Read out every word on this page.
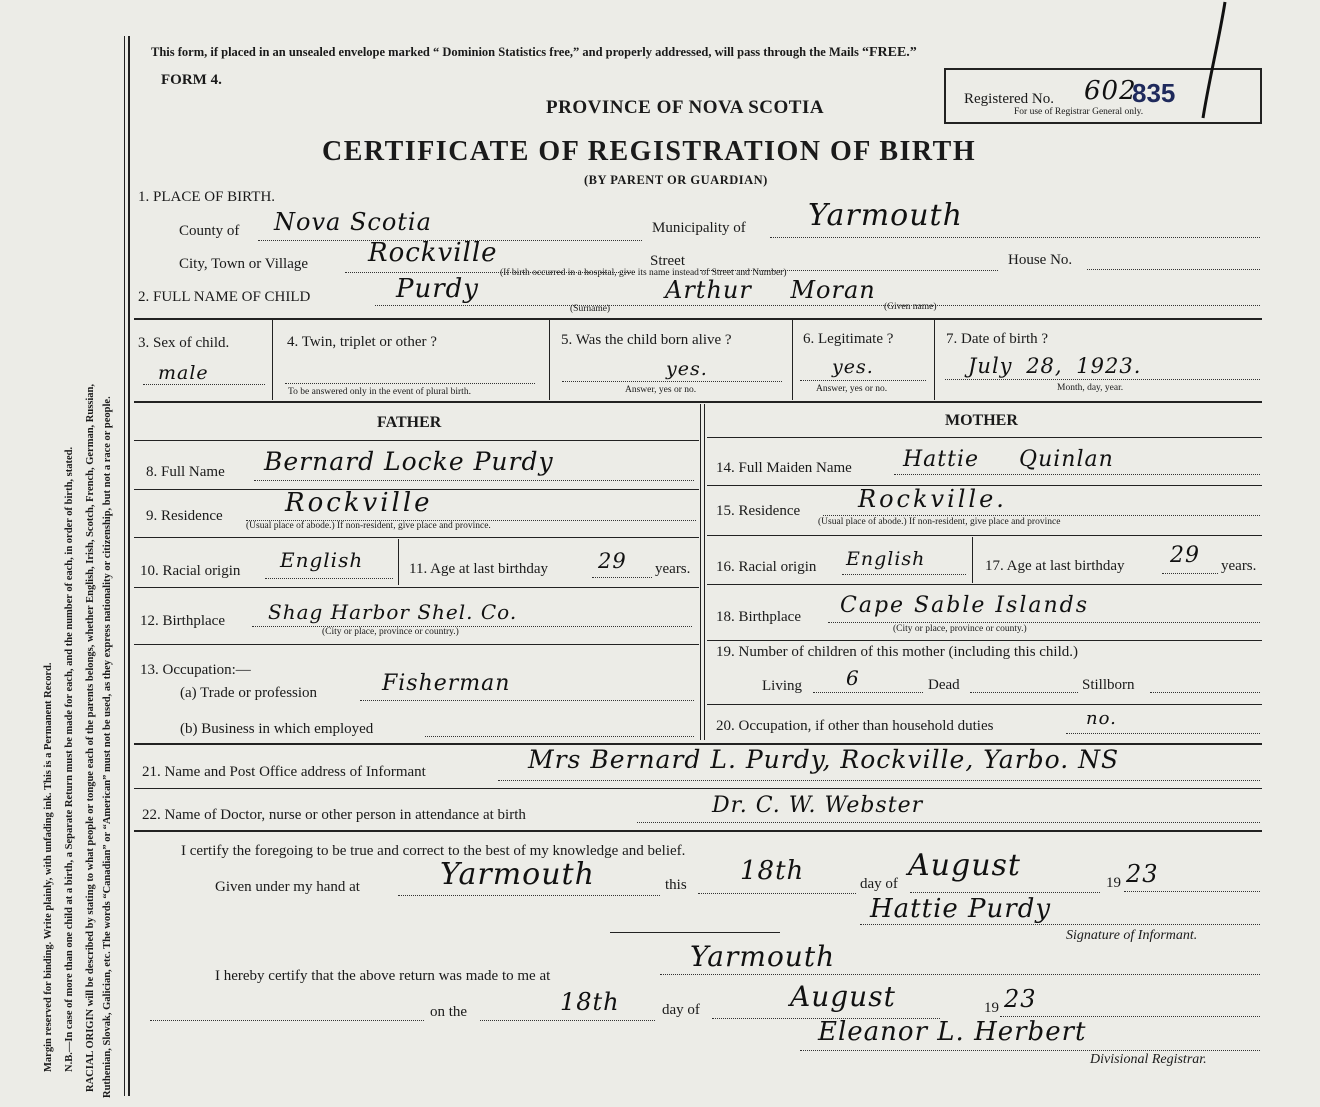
Margin reserved for binding. Write plainly, with unfading ink. This is a Permanent Record. N.B.—In case of more than one child at a birth, a Separate Return must be made for each, and the number of each, in order of birth, stated. RACIAL ORIGIN will be described by stating to what people or tongue each of the parents belongs, whether English, Irish, Scotch, French, German, Russian, Ruthenian, Slovak, Galician, etc. The words “Canadian” or “American” must not be used, as they express nationality or citizenship, but not a race or people.
This form, if placed in an unsealed envelope marked “ Dominion Statistics free,” and properly addressed, will pass through the Mails “FREE.”
FORM 4.
PROVINCE OF NOVA SCOTIA
CERTIFICATE OF REGISTRATION OF BIRTH
(BY PARENT OR GUARDIAN)
Registered No. 602
835
For use of Registrar General only.
1. PLACE OF BIRTH.
County of Nova Scotia	Municipality of Yarmouth
City, Town or Village Rockville	Street	House No.
(If birth occurred in a hospital, give its name instead of Street and Number)
2. FULL NAME OF CHILD	Purdy	Arthur Moran
(Surname)	(Given name)
3. Sex of child.
male
4. Twin, triplet or other ?
To be answered only in the event of plural birth.
5. Was the child born alive ?
yes.
Answer, yes or no.
6. Legitimate ?
yes.
Answer, yes or no.
7. Date of birth ?
July 28, 1923.
Month, day, year.
FATHER
8. Full Name Bernard Locke Purdy
9. Residence Rockville
(Usual place of abode.) If non-resident, give place and province.
10. Racial origin English	11. Age at last birthday 29 years.
12. Birthplace Shag Harbor Shel. Co.
(City or place, province or country.)
13. Occupation:—
(a) Trade or profession	Fisherman
(b) Business in which employed
MOTHER
14. Full Maiden Name Hattie Quinlan
15. Residence Rockville.
(Usual place of abode.) If non-resident, give place and province
16. Racial origin English	17. Age at last birthday 29 years.
18. Birthplace Cape Sable Islands
(City or place, province or county.)
19. Number of children of this mother (including this child.)
Living 6	Dead	Stillborn
20. Occupation, if other than household duties	no.
21. Name and Post Office address of Informant	Mrs Bernard L. Purdy, Rockville, Yarbo. NS
22. Name of Doctor, nurse or other person in attendance at birth	Dr. C. W. Webster
I certify the foregoing to be true and correct to the best of my knowledge and belief.
Given under my hand at	Yarmouth	this 18th	day of
August	19 23
Hattie Purdy
Signature of Informant.
I hereby certify that the above return was made to me at
Yarmouth
on the	18th	day of	August	19 23
Eleanor L. Herbert
Divisional Registrar.
